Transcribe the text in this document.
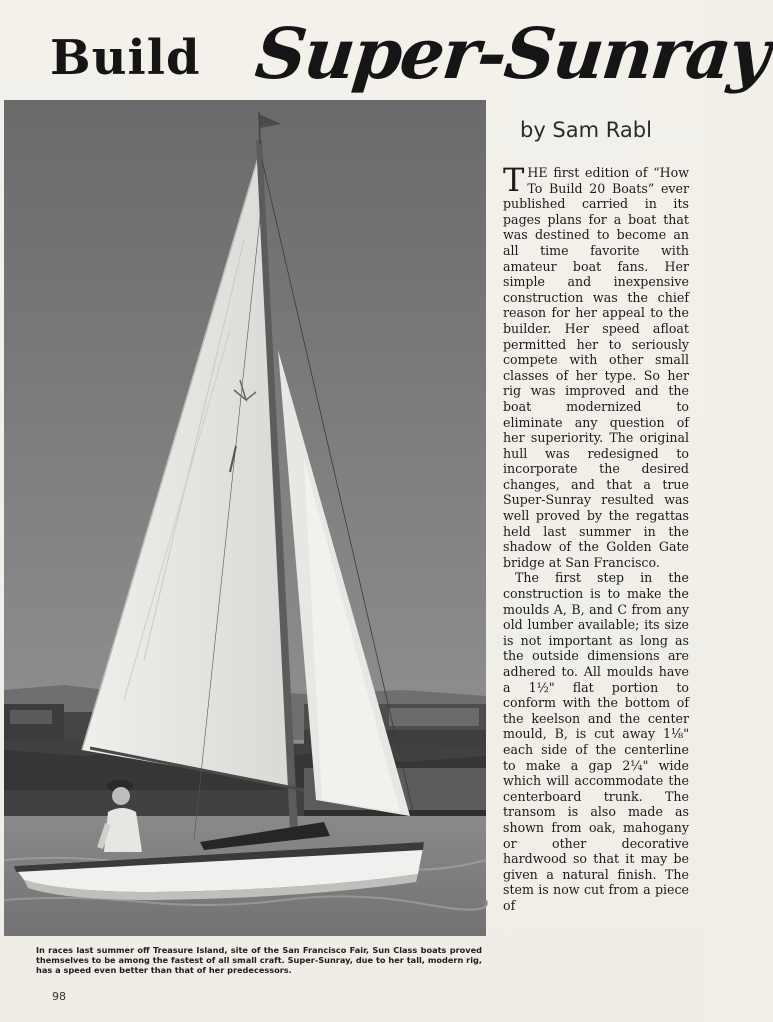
Build Super-Sunray
by Sam Rabl
In races last summer off Treasure Island, site of the San Francisco Fair, Sun Class boats proved themselves to be among the fastest of all small craft. Super-Sunray, due to her tall, modern rig, has a speed even better than that of her predecessors.

THE first edition of “How To Build 20 Boats” ever published carried in its pages plans for a boat that was destined to become an all time favorite with amateur boat fans. Her simple and inexpensive construction was the chief reason for her appeal to the builder. Her speed afloat permitted her to seriously compete with other small classes of her type. So her rig was improved and the boat modernized to eliminate any question of her superiority. The original hull was redesigned to incorporate the desired changes, and that a true Super-Sunray resulted was well proved by the regattas held last summer in the shadow of the Golden Gate bridge at San Francisco.

The first step in the construction is to make the moulds A, B, and C from any old lumber available; its size is not important as long as the outside dimensions are adhered to. All moulds have a 1½" flat portion to conform with the bottom of the keelson and the center mould, B, is cut away 1⅛" each side of the centerline to make a gap 2¼" wide which will accommodate the centerboard trunk. The transom is also made as shown from oak, mahogany or other decorative hardwood so that it may be given a natural finish. The stem is now cut from a piece of

98
